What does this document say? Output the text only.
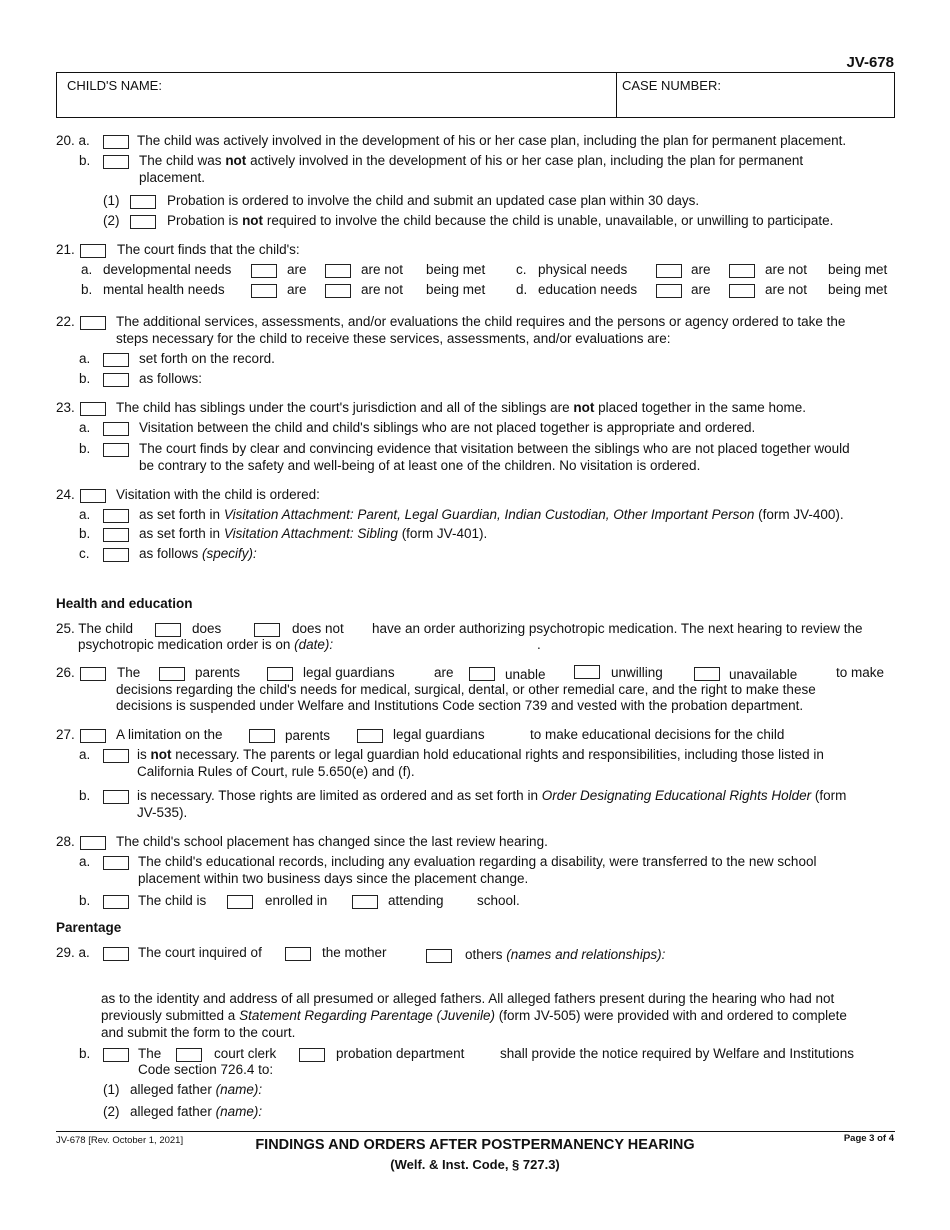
JV-678
CHILD'S NAME:	CASE NUMBER:
20. a.	The child was actively involved in the development of his or her case plan, including the plan for permanent placement.
b.	The child was not actively involved in the development of his or her case plan, including the plan for permanent
placement.
(1)	Probation is ordered to involve the child and submit an updated case plan within 30 days.
(2)	Probation is not required to involve the child because the child is unable, unavailable, or unwilling to participate.
21.	The court finds that the child's:
a. developmental needs	are	are not being met c. physical needs	are	are not being met
b. mental health needs	are	are not being met d. education needs	are	are not being met
22.	The additional services, assessments, and/or evaluations the child requires and the persons or agency ordered to take the
steps necessary for the child to receive these services, assessments, and/or evaluations are:
a.	set forth on the record.
b.	as follows:
23.	The child has siblings under the court's jurisdiction and all of the siblings are not placed together in the same home.
a.	Visitation between the child and child's siblings who are not placed together is appropriate and ordered.
b.	The court finds by clear and convincing evidence that visitation between the siblings who are not placed together would
be contrary to the safety and well-being of at least one of the children. No visitation is ordered.
24.	Visitation with the child is ordered:
a.	as set forth in Visitation Attachment: Parent, Legal Guardian, Indian Custodian, Other Important Person (form JV-400).
b.	as set forth in Visitation Attachment: Sibling (form JV-401).
c.	as follows (specify):
Health and education
25. The child	does	does not have an order authorizing psychotropic medication. The next hearing to review the
psychotropic medication order is on (date):	.
26.	The	parents	legal guardians	are	unable	unwilling	unavailable	to make
decisions regarding the child's needs for medical, surgical, dental, or other remedial care, and the right to make these
decisions is suspended under Welfare and Institutions Code section 739 and vested with the probation department.
27.	A limitation on the	parents	legal guardians	to make educational decisions for the child
a.	is not necessary. The parents or legal guardian hold educational rights and responsibilities, including those listed in
California Rules of Court, rule 5.650(e) and (f).
b.	is necessary. Those rights are limited as ordered and as set forth in Order Designating Educational Rights Holder (form
JV-535).
28.	The child's school placement has changed since the last review hearing.
a.	The child's educational records, including any evaluation regarding a disability, were transferred to the new school
placement within two business days since the placement change.
b.	The child is	enrolled in	attending school.
Parentage
29. a.	The court inquired of	the mother	others (names and relationships):
as to the identity and address of all presumed or alleged fathers. All alleged fathers present during the hearing who had not
previously submitted a Statement Regarding Parentage (Juvenile) (form JV-505) were provided with and ordered to complete
and submit the form to the court.
b.	The	court clerk	probation department	shall provide the notice required by Welfare and Institutions
Code section 726.4 to:
(1) alleged father (name):
(2) alleged father (name):
JV-678 [Rev. October 1, 2021]	FINDINGS AND ORDERS AFTER POSTPERMANENCY HEARING
(Welf. & Inst. Code, § 727.3)
Page 3 of 4
